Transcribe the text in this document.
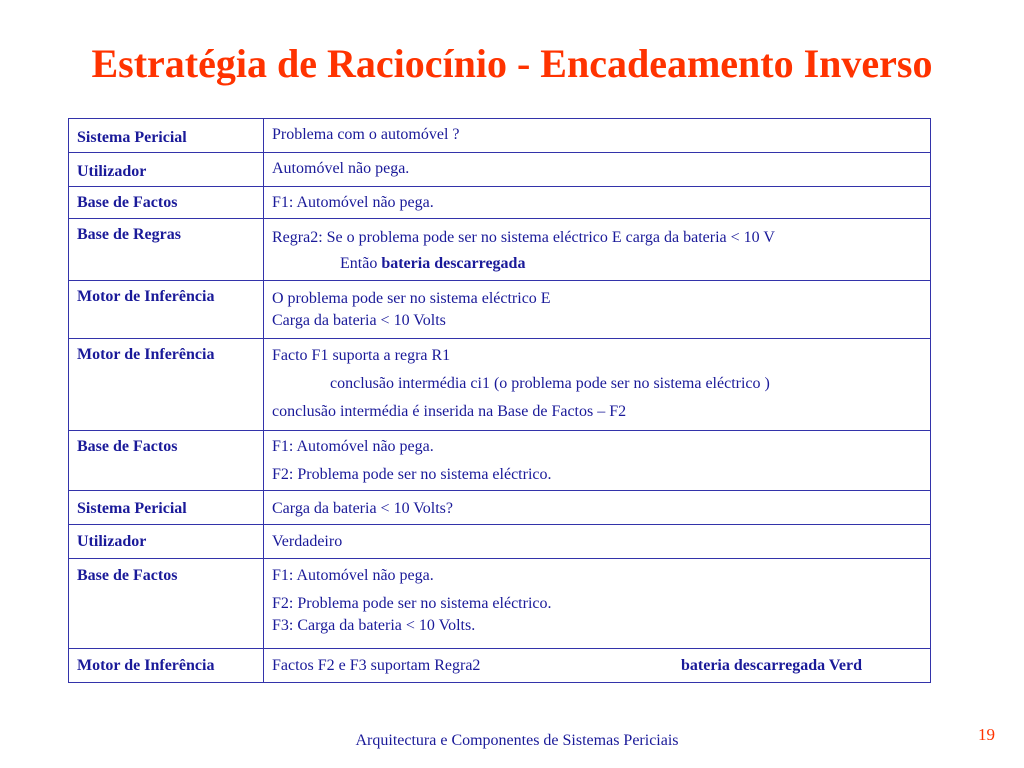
Estratégia de Raciocínio - Encadeamento Inverso
Sistema Pericial	Problema com o automóvel ?

Utilizador	Automóvel não pega.

Base de Factos	F1: Automóvel não pega.

Base de Regras	Regra2: Se o problema pode ser no sistema eléctrico E carga da bateria < 10 V
Então bateria descarregada

Motor de Inferência	O problema pode ser no sistema eléctrico E
Carga da bateria < 10 Volts

Motor de Inferência	Facto F1 suporta a regra R1
conclusão intermédia ci1 (o problema pode ser no sistema eléctrico )
conclusão intermédia é inserida na Base de Factos – F2

Base de Factos	F1: Automóvel não pega.
F2: Problema pode ser no sistema eléctrico.

Sistema Pericial	Carga da bateria < 10 Volts?

Utilizador	Verdadeiro

Base de Factos	F1: Automóvel não pega.
F2: Problema pode ser no sistema eléctrico.
F3: Carga da bateria < 10 Volts.

Motor de Inferência	Factos F2 e F3 suportam Regra2 bateria descarregada Verd
Arquitectura e Componentes de Sistemas Periciais	19
